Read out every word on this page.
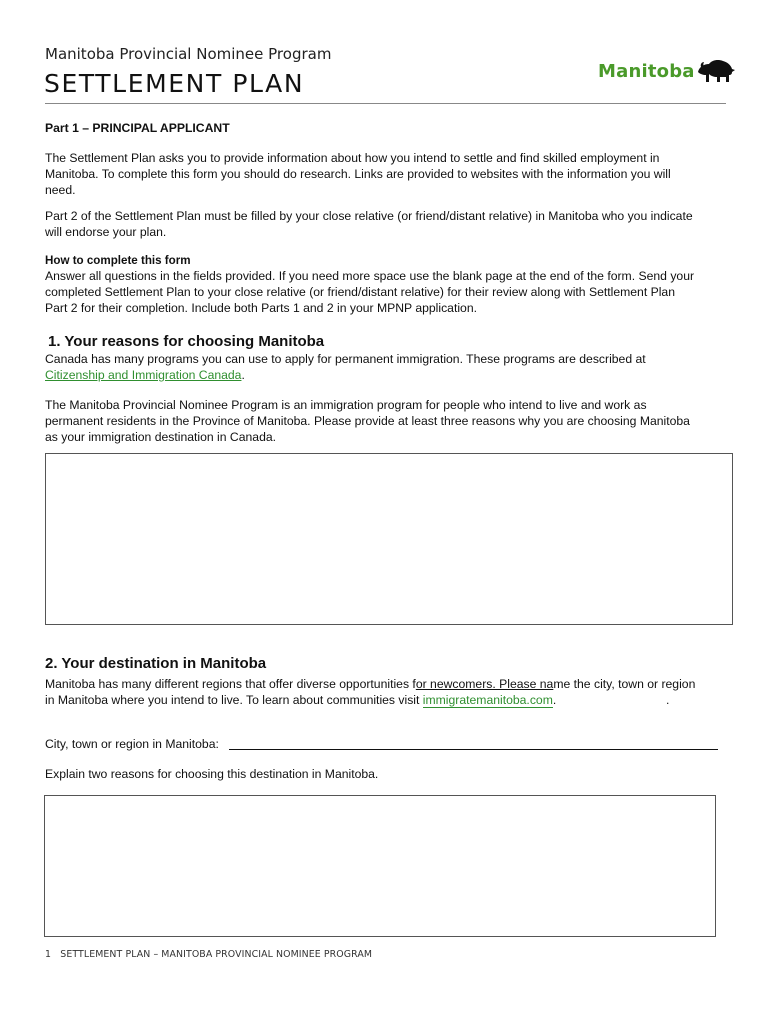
Manitoba Provincial Nominee Program
SETTLEMENT PLAN	Manitoba
Part 1 – PRINCIPAL APPLICANT
The Settlement Plan asks you to provide information about how you intend to settle and find skilled employment in
Manitoba. To complete this form you should do research. Links are provided to websites with the information you will
need.
Part 2 of the Settlement Plan must be filled by your close relative (or friend/distant relative) in Manitoba who you indicate
will endorse your plan.
How to complete this form
Answer all questions in the fields provided. If you need more space use the blank page at the end of the form. Send your
completed Settlement Plan to your close relative (or friend/distant relative) for their review along with Settlement Plan
Part 2 for their completion. Include both Parts 1 and 2 in your MPNP application.
1. Your reasons for choosing Manitoba
Canada has many programs you can use to apply for permanent immigration. These programs are described at
Citizenship and Immigration Canada.
The Manitoba Provincial Nominee Program is an immigration program for people who intend to live and work as
permanent residents in the Province of Manitoba. Please provide at least three reasons why you are choosing Manitoba
as your immigration destination in Canada.
2. Your destination in Manitoba
Manitoba has many different regions that offer diverse opportunities for newcomers. Please name the city, town or region
in Manitoba where you intend to live. To learn about communities visit immigratemanitoba.com.	.
City, town or region in Manitoba:
Explain two reasons for choosing this destination in Manitoba.
1   SETTLEMENT PLAN – MANITOBA PROVINCIAL NOMINEE PROGRAM
